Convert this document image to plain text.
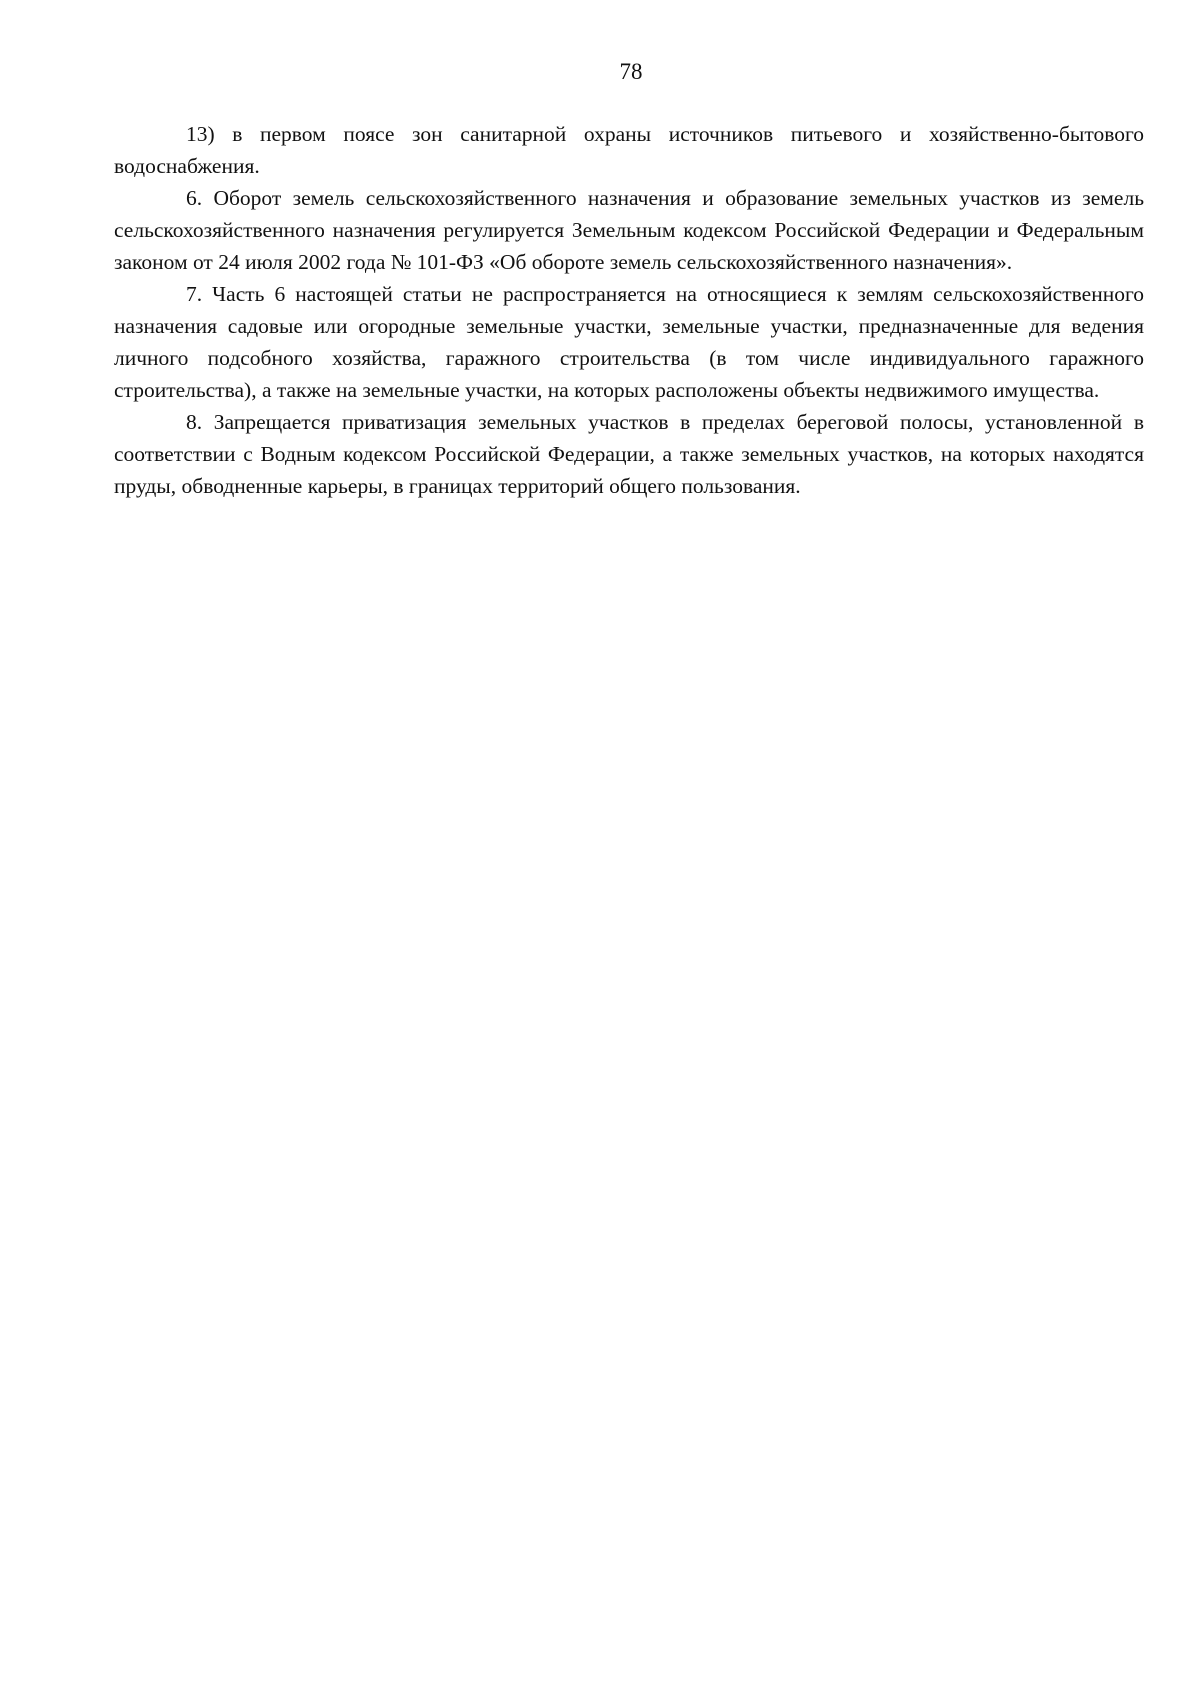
78

13) в первом поясе зон санитарной охраны источников питьевого и хозяйственно-бытового водоснабжения.

6. Оборот земель сельскохозяйственного назначения и образование земельных участков из земель сельскохозяйственного назначения регулируется Земельным кодексом Российской Федерации и Федеральным законом от 24 июля 2002 года № 101-ФЗ «Об обороте земель сельскохозяйственного назначения».

7. Часть 6 настоящей статьи не распространяется на относящиеся к землям сельскохозяйственного назначения садовые или огородные земельные участки, земельные участки, предназначенные для ведения личного подсобного хозяйства, гаражного строительства (в том числе индивидуального гаражного строительства), а также на земельные участки, на которых расположены объекты недвижимого имущества.

8. Запрещается приватизация земельных участков в пределах береговой полосы, установленной в соответствии с Водным кодексом Российской Федерации, а также земельных участков, на которых находятся пруды, обводненные карьеры, в границах территорий общего пользования.
